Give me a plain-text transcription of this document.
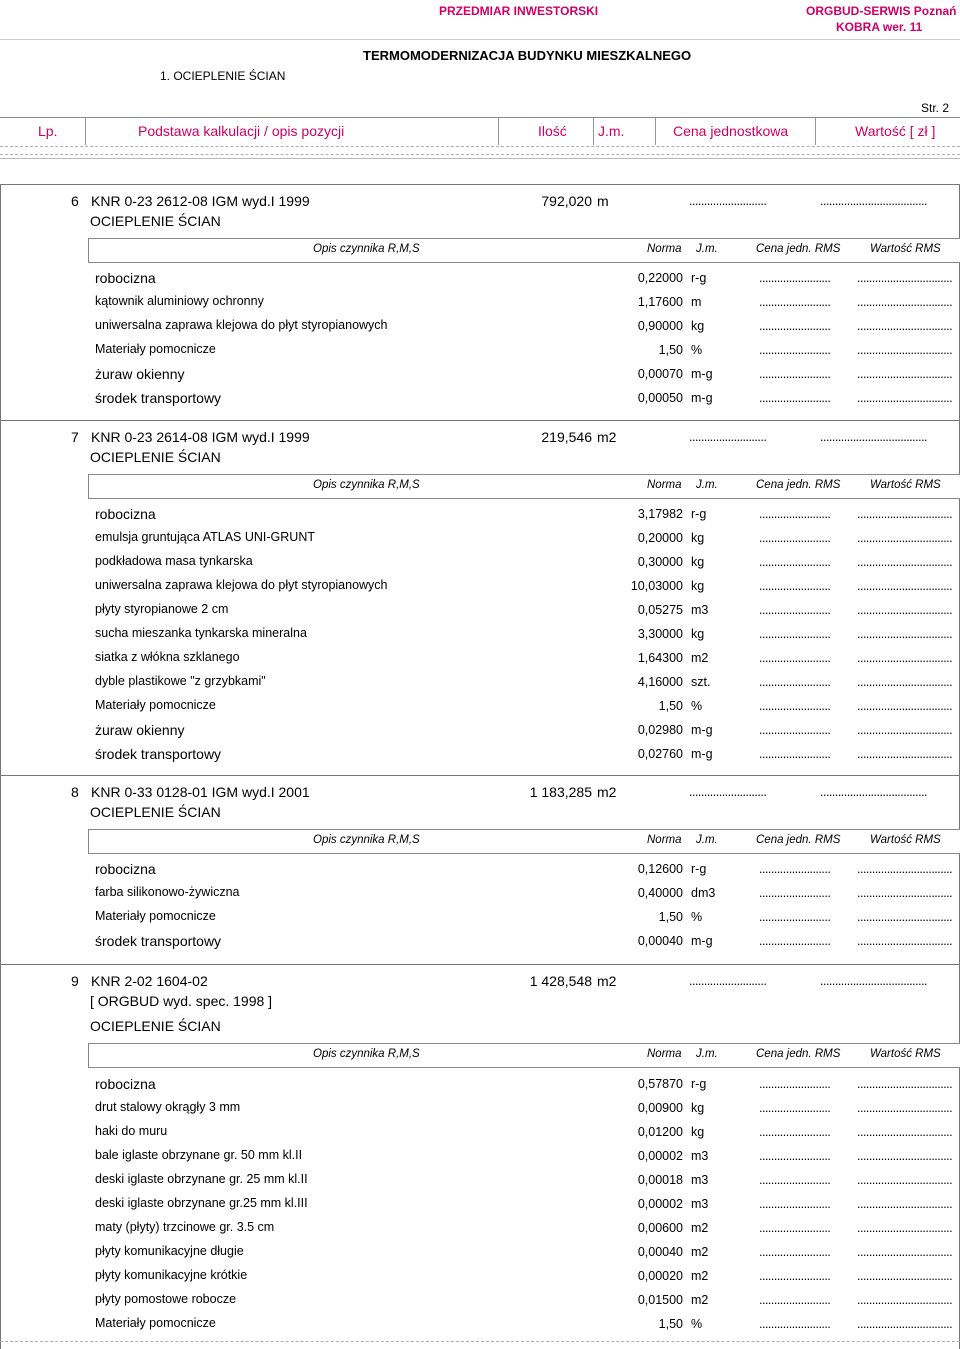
PRZEDMIAR INWESTORSKI	ORGBUD-SERWIS Poznań
KOBRA wer. 11
TERMOMODERNIZACJA BUDYNKU MIESZKALNEGO
1. OCIEPLENIE ŚCIAN
Str. 2
Lp.	Podstawa kalkulacji / opis pozycji	Ilość J.m.	Cena jednostkowa	Wartość [ zł ]
6 KNR 0-23 2612-08 IGM wyd.I 1999
OCIEPLENIE ŚCIAN
792,020 m	..........................	....................................
Opis czynnika R,M,S	Norma J.m.	Cena jedn. RMS	Wartość RMS
robocizna	0,22000 r-g	........................ ................................
kątownik aluminiowy ochronny	1,17600 m	........................ ................................
uniwersalna zaprawa klejowa do płyt styropianowych	0,90000 kg	........................ ................................
Materiały pomocnicze	1,50 %	........................ ................................
żuraw okienny	0,00070 m-g	........................ ................................
środek transportowy	0,00050 m-g	........................ ................................
7 KNR 0-23 2614-08 IGM wyd.I 1999
OCIEPLENIE ŚCIAN
219,546 m2	..........................	....................................
Opis czynnika R,M,S	Norma J.m.	Cena jedn. RMS	Wartość RMS
robocizna	3,17982 r-g	........................ ................................
emulsja gruntująca ATLAS UNI-GRUNT	0,20000 kg	........................ ................................
podkładowa masa tynkarska	0,30000 kg	........................ ................................
uniwersalna zaprawa klejowa do płyt styropianowych	10,03000 kg	........................ ................................
płyty styropianowe 2 cm	0,05275 m3	........................ ................................
sucha mieszanka tynkarska mineralna	3,30000 kg	........................ ................................
siatka z włókna szklanego	1,64300 m2	........................ ................................
dyble plastikowe "z grzybkami"	4,16000 szt.	........................ ................................
Materiały pomocnicze	1,50 %	........................ ................................
żuraw okienny	0,02980 m-g	........................ ................................
środek transportowy	0,02760 m-g	........................ ................................
8 KNR 0-33 0128-01 IGM wyd.I 2001
OCIEPLENIE ŚCIAN
1 183,285 m2	..........................	....................................
Opis czynnika R,M,S	Norma J.m.	Cena jedn. RMS	Wartość RMS
robocizna	0,12600 r-g	........................ ................................
farba silikonowo-żywiczna	0,40000 dm3	........................ ................................
Materiały pomocnicze	1,50 %	........................ ................................
środek transportowy	0,00040 m-g	........................ ................................
9 KNR 2-02 1604-02
[ ORGBUD wyd. spec. 1998 ]
OCIEPLENIE ŚCIAN
1 428,548 m2	..........................	....................................
Opis czynnika R,M,S	Norma J.m.	Cena jedn. RMS	Wartość RMS
robocizna	0,57870 r-g	........................ ................................
drut stalowy okrągły 3 mm	0,00900 kg	........................ ................................
haki do muru	0,01200 kg	........................ ................................
bale iglaste obrzynane gr. 50 mm kl.II	0,00002 m3	........................ ................................
deski iglaste obrzynane gr. 25 mm kl.II	0,00018 m3	........................ ................................
deski iglaste obrzynane gr.25 mm kl.III	0,00002 m3	........................ ................................
maty (płyty) trzcinowe gr. 3.5 cm	0,00600 m2	........................ ................................
płyty komunikacyjne długie	0,00040 m2	........................ ................................
płyty komunikacyjne krótkie	0,00020 m2	........................ ................................
płyty pomostowe robocze	0,01500 m2	........................ ................................
Materiały pomocnicze	1,50 %	........................ ................................
